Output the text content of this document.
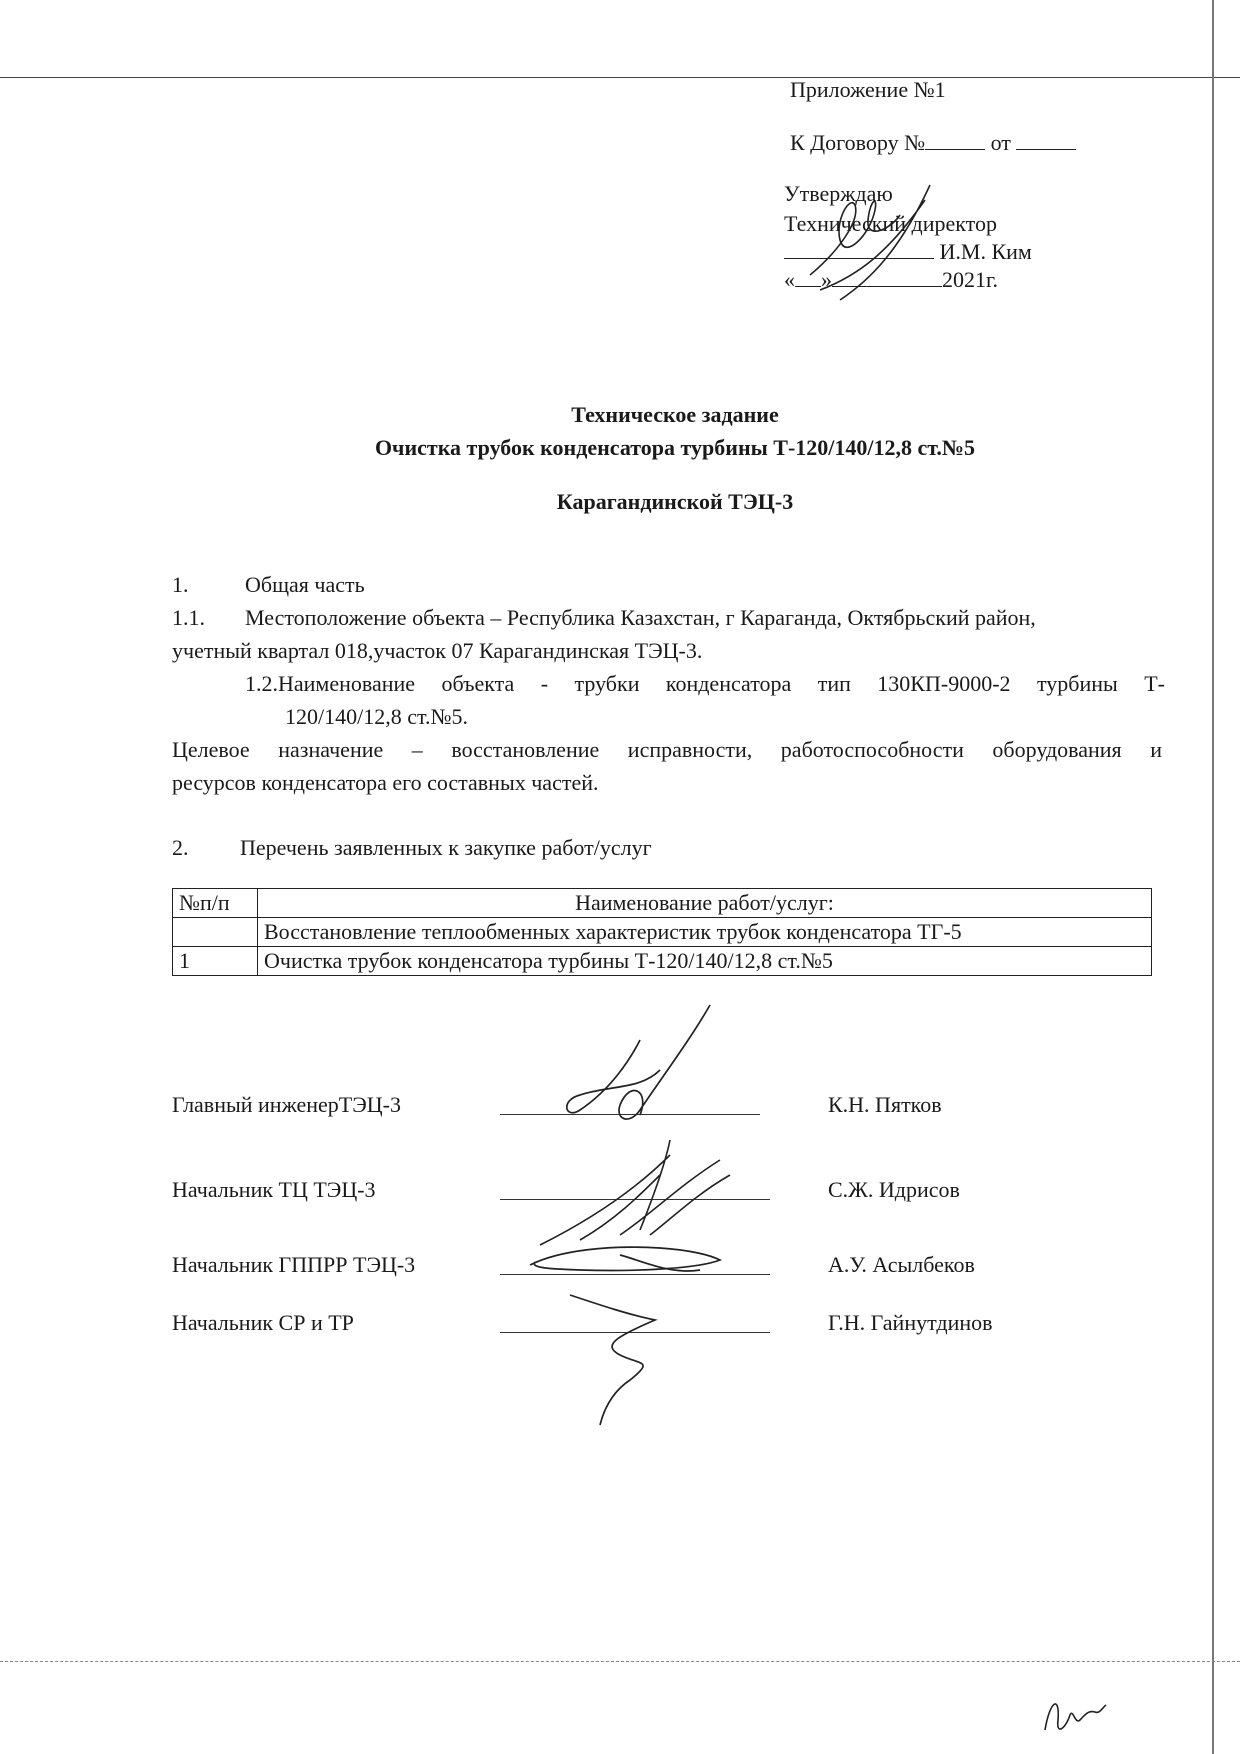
Приложение №1
К Договору №	от
Утверждаю
Технический директор
И.М. Ким
« »	2021г.
Техническое задание
Очистка трубок конденсатора турбины Т-120/140/12,8 ст.№5
Карагандинской ТЭЦ-3
1.	Общая часть
1.1. Местоположение объекта – Республика Казахстан, г Караганда, Октябрьский район,
учетный квартал 018,участок 07 Карагандинская ТЭЦ-3.
1.2.Наименование объекта - трубки конденсатора тип 130КП-9000-2 турбины Т-
120/140/12,8 ст.№5.
Целевое назначение – восстановление исправности, работоспособности оборудования и
ресурсов конденсатора его составных частей.
2. Перечень заявленных к закупке работ/услуг
№п/п	Наименование работ/услуг:
	Восстановление теплообменных характеристик трубок конденсатора ТГ-5
1	Очистка трубок конденсатора турбины Т-120/140/12,8 ст.№5
Главный инженерТЭЦ-3	К.Н. Пятков
Начальник ТЦ ТЭЦ-3	С.Ж. Идрисов
Начальник ГППРР ТЭЦ-3	А.У. Асылбеков
Начальник СР и ТР	Г.Н. Гайнутдинов
